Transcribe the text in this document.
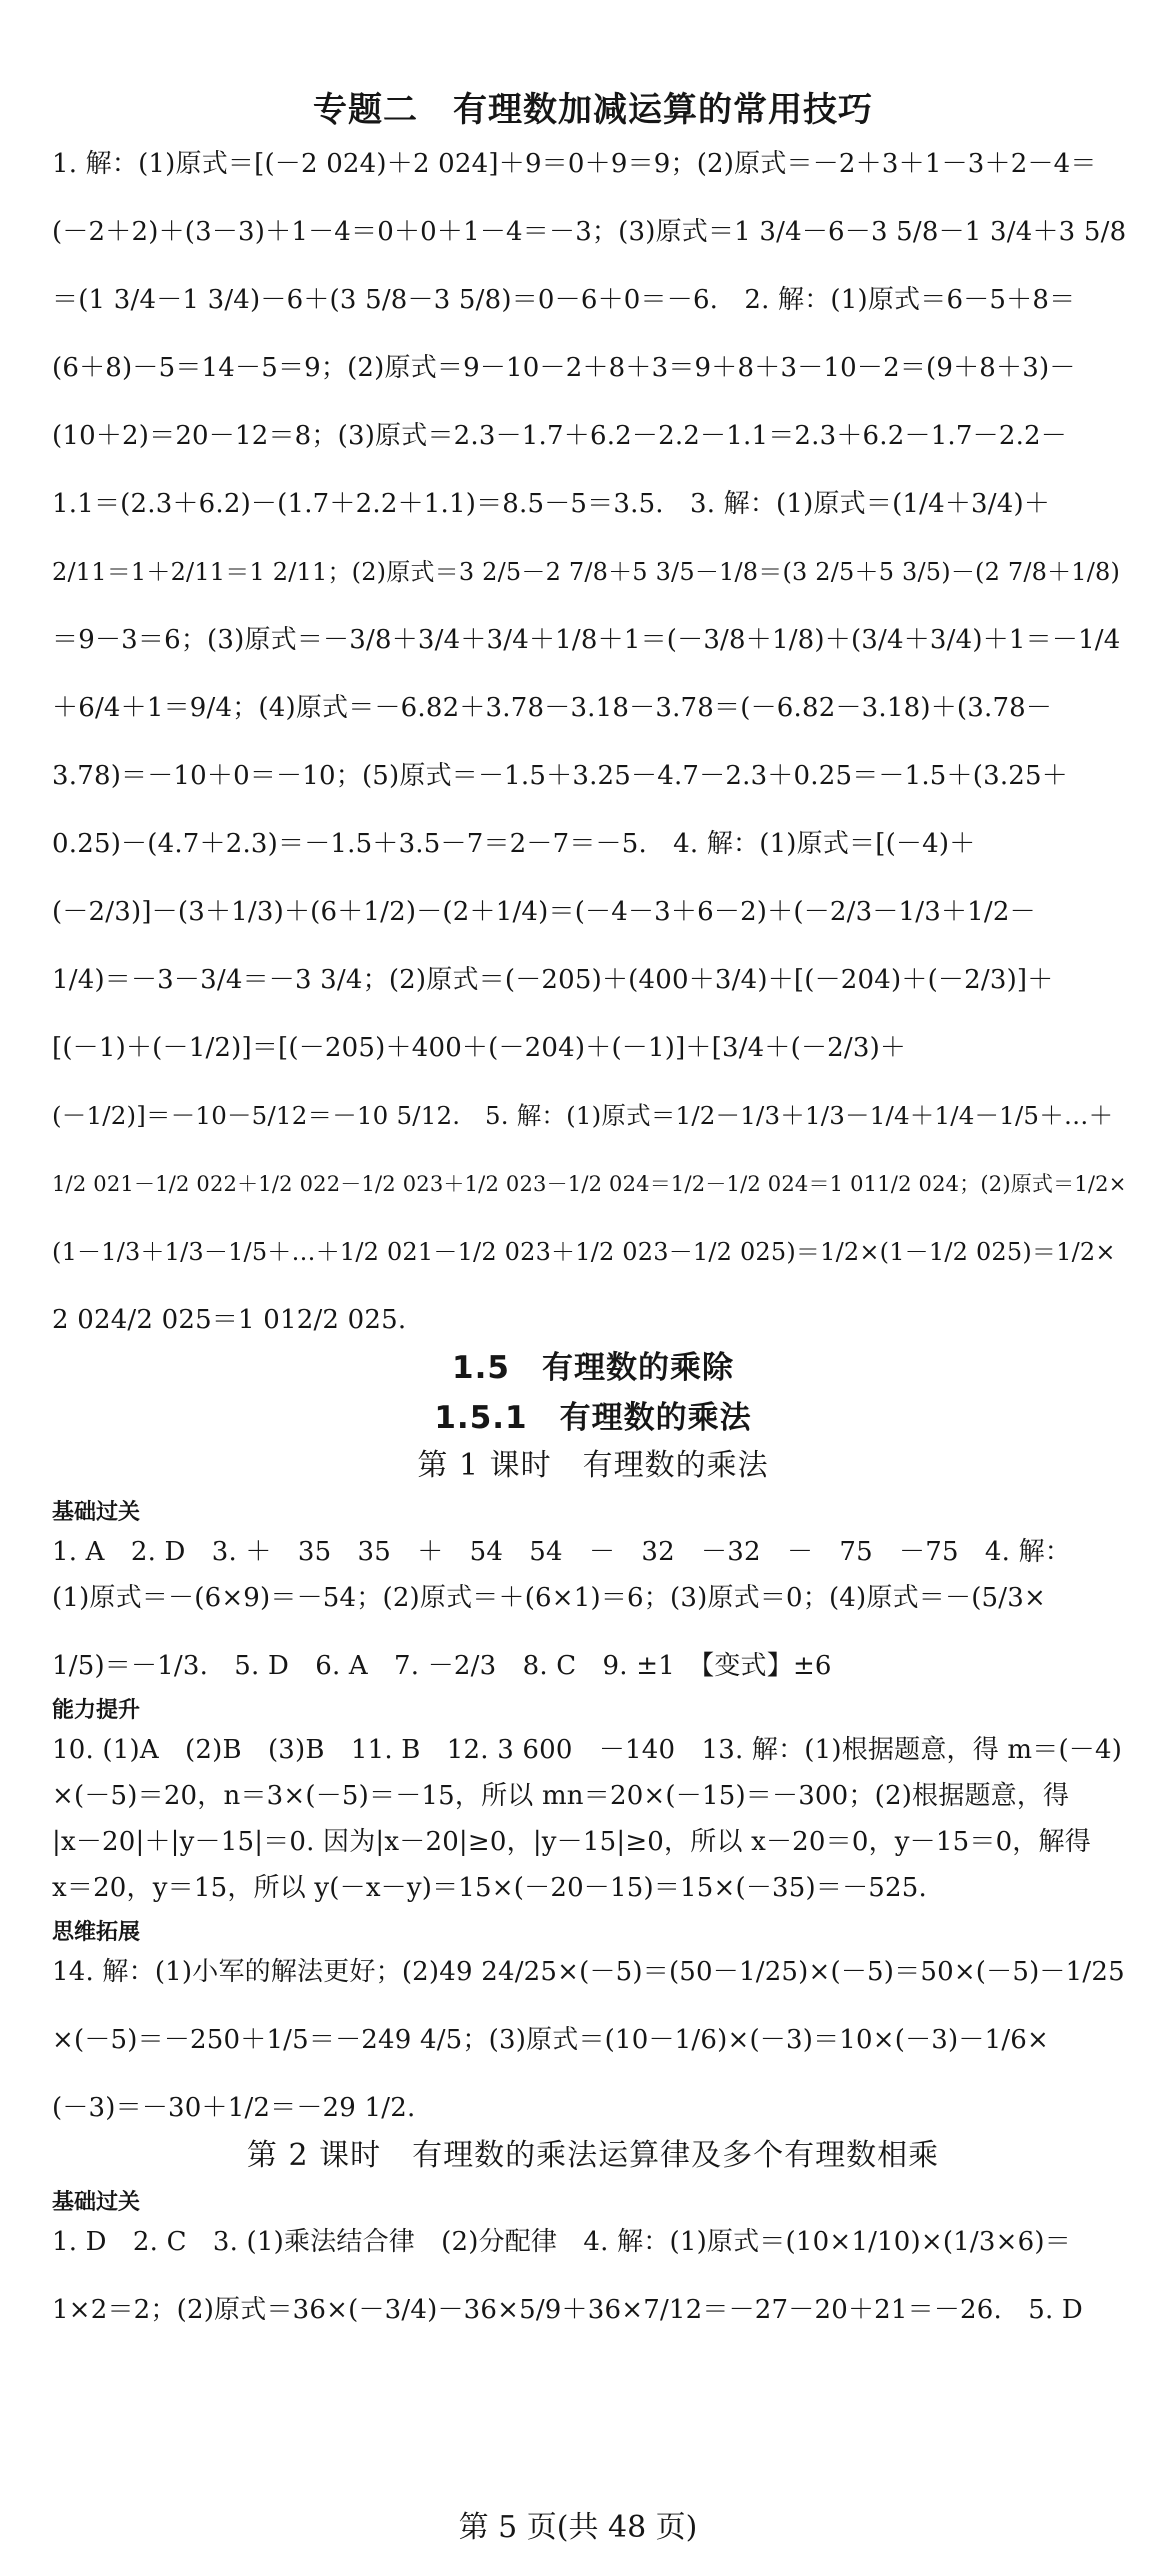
专题二　有理数加减运算的常用技巧
1. 解：(1)原式＝[(－2 024)＋2 024]＋9＝0＋9＝9；(2)原式＝－2＋3＋1－3＋2－4＝
(－2＋2)＋(3－3)＋1－4＝0＋0＋1－4＝－3；(3)原式＝1 3/4－6－3 5/8－1 3/4＋3 5/8
＝(1 3/4－1 3/4)－6＋(3 5/8－3 5/8)＝0－6＋0＝－6.　2. 解：(1)原式＝6－5＋8＝
(6＋8)－5＝14－5＝9；(2)原式＝9－10－2＋8＋3＝9＋8＋3－10－2＝(9＋8＋3)－
(10＋2)＝20－12＝8；(3)原式＝2.3－1.7＋6.2－2.2－1.1＝2.3＋6.2－1.7－2.2－
1.1＝(2.3＋6.2)－(1.7＋2.2＋1.1)＝8.5－5＝3.5.　3. 解：(1)原式＝(1/4＋3/4)＋
2/11＝1＋2/11＝1 2/11；(2)原式＝3 2/5－2 7/8＋5 3/5－1/8＝(3 2/5＋5 3/5)－(2 7/8＋1/8)
＝9－3＝6；(3)原式＝－3/8＋3/4＋3/4＋1/8＋1＝(－3/8＋1/8)＋(3/4＋3/4)＋1＝－1/4
＋6/4＋1＝9/4；(4)原式＝－6.82＋3.78－3.18－3.78＝(－6.82－3.18)＋(3.78－
3.78)＝－10＋0＝－10；(5)原式＝－1.5＋3.25－4.7－2.3＋0.25＝－1.5＋(3.25＋
0.25)－(4.7＋2.3)＝－1.5＋3.5－7＝2－7＝－5.　4. 解：(1)原式＝[(－4)＋
(－2/3)]－(3＋1/3)＋(6＋1/2)－(2＋1/4)＝(－4－3＋6－2)＋(－2/3－1/3＋1/2－
1/4)＝－3－3/4＝－3 3/4；(2)原式＝(－205)＋(400＋3/4)＋[(－204)＋(－2/3)]＋
[(－1)＋(－1/2)]＝[(－205)＋400＋(－204)＋(－1)]＋[3/4＋(－2/3)＋
(－1/2)]＝－10－5/12＝－10 5/12.　5. 解：(1)原式＝1/2－1/3＋1/3－1/4＋1/4－1/5＋…＋
1/2 021－1/2 022＋1/2 022－1/2 023＋1/2 023－1/2 024＝1/2－1/2 024＝1 011/2 024；(2)原式＝1/2×
(1－1/3＋1/3－1/5＋…＋1/2 021－1/2 023＋1/2 023－1/2 025)＝1/2×(1－1/2 025)＝1/2×
2 024/2 025＝1 012/2 025.
1.5　有理数的乘除
1.5.1　有理数的乘法
第 1 课时　有理数的乘法
基础过关
1. A　2. D　3. ＋　35　35　＋　54　54　－　32　－32　－　75　－75　4. 解：
(1)原式＝－(6×9)＝－54；(2)原式＝＋(6×1)＝6；(3)原式＝0；(4)原式＝－(5/3×
1/5)＝－1/3.　5. D　6. A　7. －2/3　8. C　9. ±1　【变式】±6
能力提升
10. (1)A　(2)B　(3)B　11. B　12. 3 600　－140　13. 解：(1)根据题意，得 m＝(－4)
×(－5)＝20，n＝3×(－5)＝－15，所以 mn＝20×(－15)＝－300；(2)根据题意，得
|x－20|＋|y－15|＝0. 因为|x－20|≥0，|y－15|≥0，所以 x－20＝0，y－15＝0，解得
x＝20，y＝15，所以 y(－x－y)＝15×(－20－15)＝15×(－35)＝－525.
思维拓展
14. 解：(1)小军的解法更好；(2)49 24/25×(－5)＝(50－1/25)×(－5)＝50×(－5)－1/25
×(－5)＝－250＋1/5＝－249 4/5；(3)原式＝(10－1/6)×(－3)＝10×(－3)－1/6×
(－3)＝－30＋1/2＝－29 1/2.
第 2 课时　有理数的乘法运算律及多个有理数相乘
基础过关
1. D　2. C　3. (1)乘法结合律　(2)分配律　4. 解：(1)原式＝(10×1/10)×(1/3×6)＝
1×2＝2；(2)原式＝36×(－3/4)－36×5/9＋36×7/12＝－27－20＋21＝－26.　5. D
第 5 页(共 48 页)
